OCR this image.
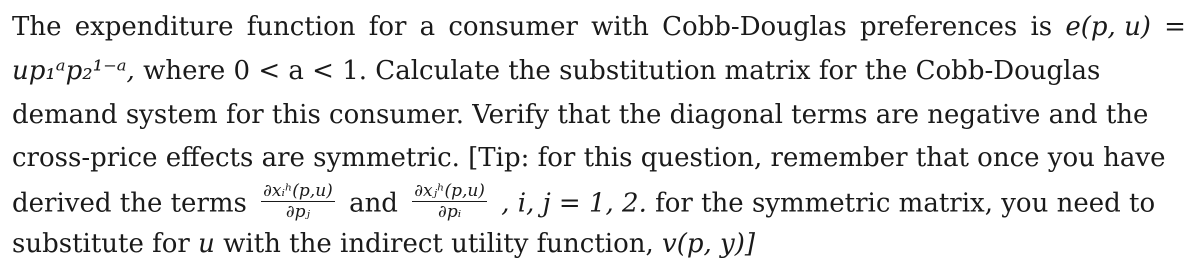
The expenditure function for a consumer with Cobb-Douglas preferences is e(p, u) =
up₁ᵃp₂¹⁻ᵃ, where 0 < a < 1. Calculate the substitution matrix for the Cobb-Douglas
demand system for this consumer. Verify that the diagonal terms are negative and the
cross-price effects are symmetric. [Tip: for this question, remember that once you have
derived the terms $\frac{\text{∂xᵢʰ(p,u)}}{\text{∂pⱼ}}$ and $\frac{\text{∂xⱼʰ(p,u)}}{\text{∂pᵢ}}$ , i, j = 1, 2. for the symmetric matrix, you need to
substitute for u with the indirect utility function, v(p, y)]
